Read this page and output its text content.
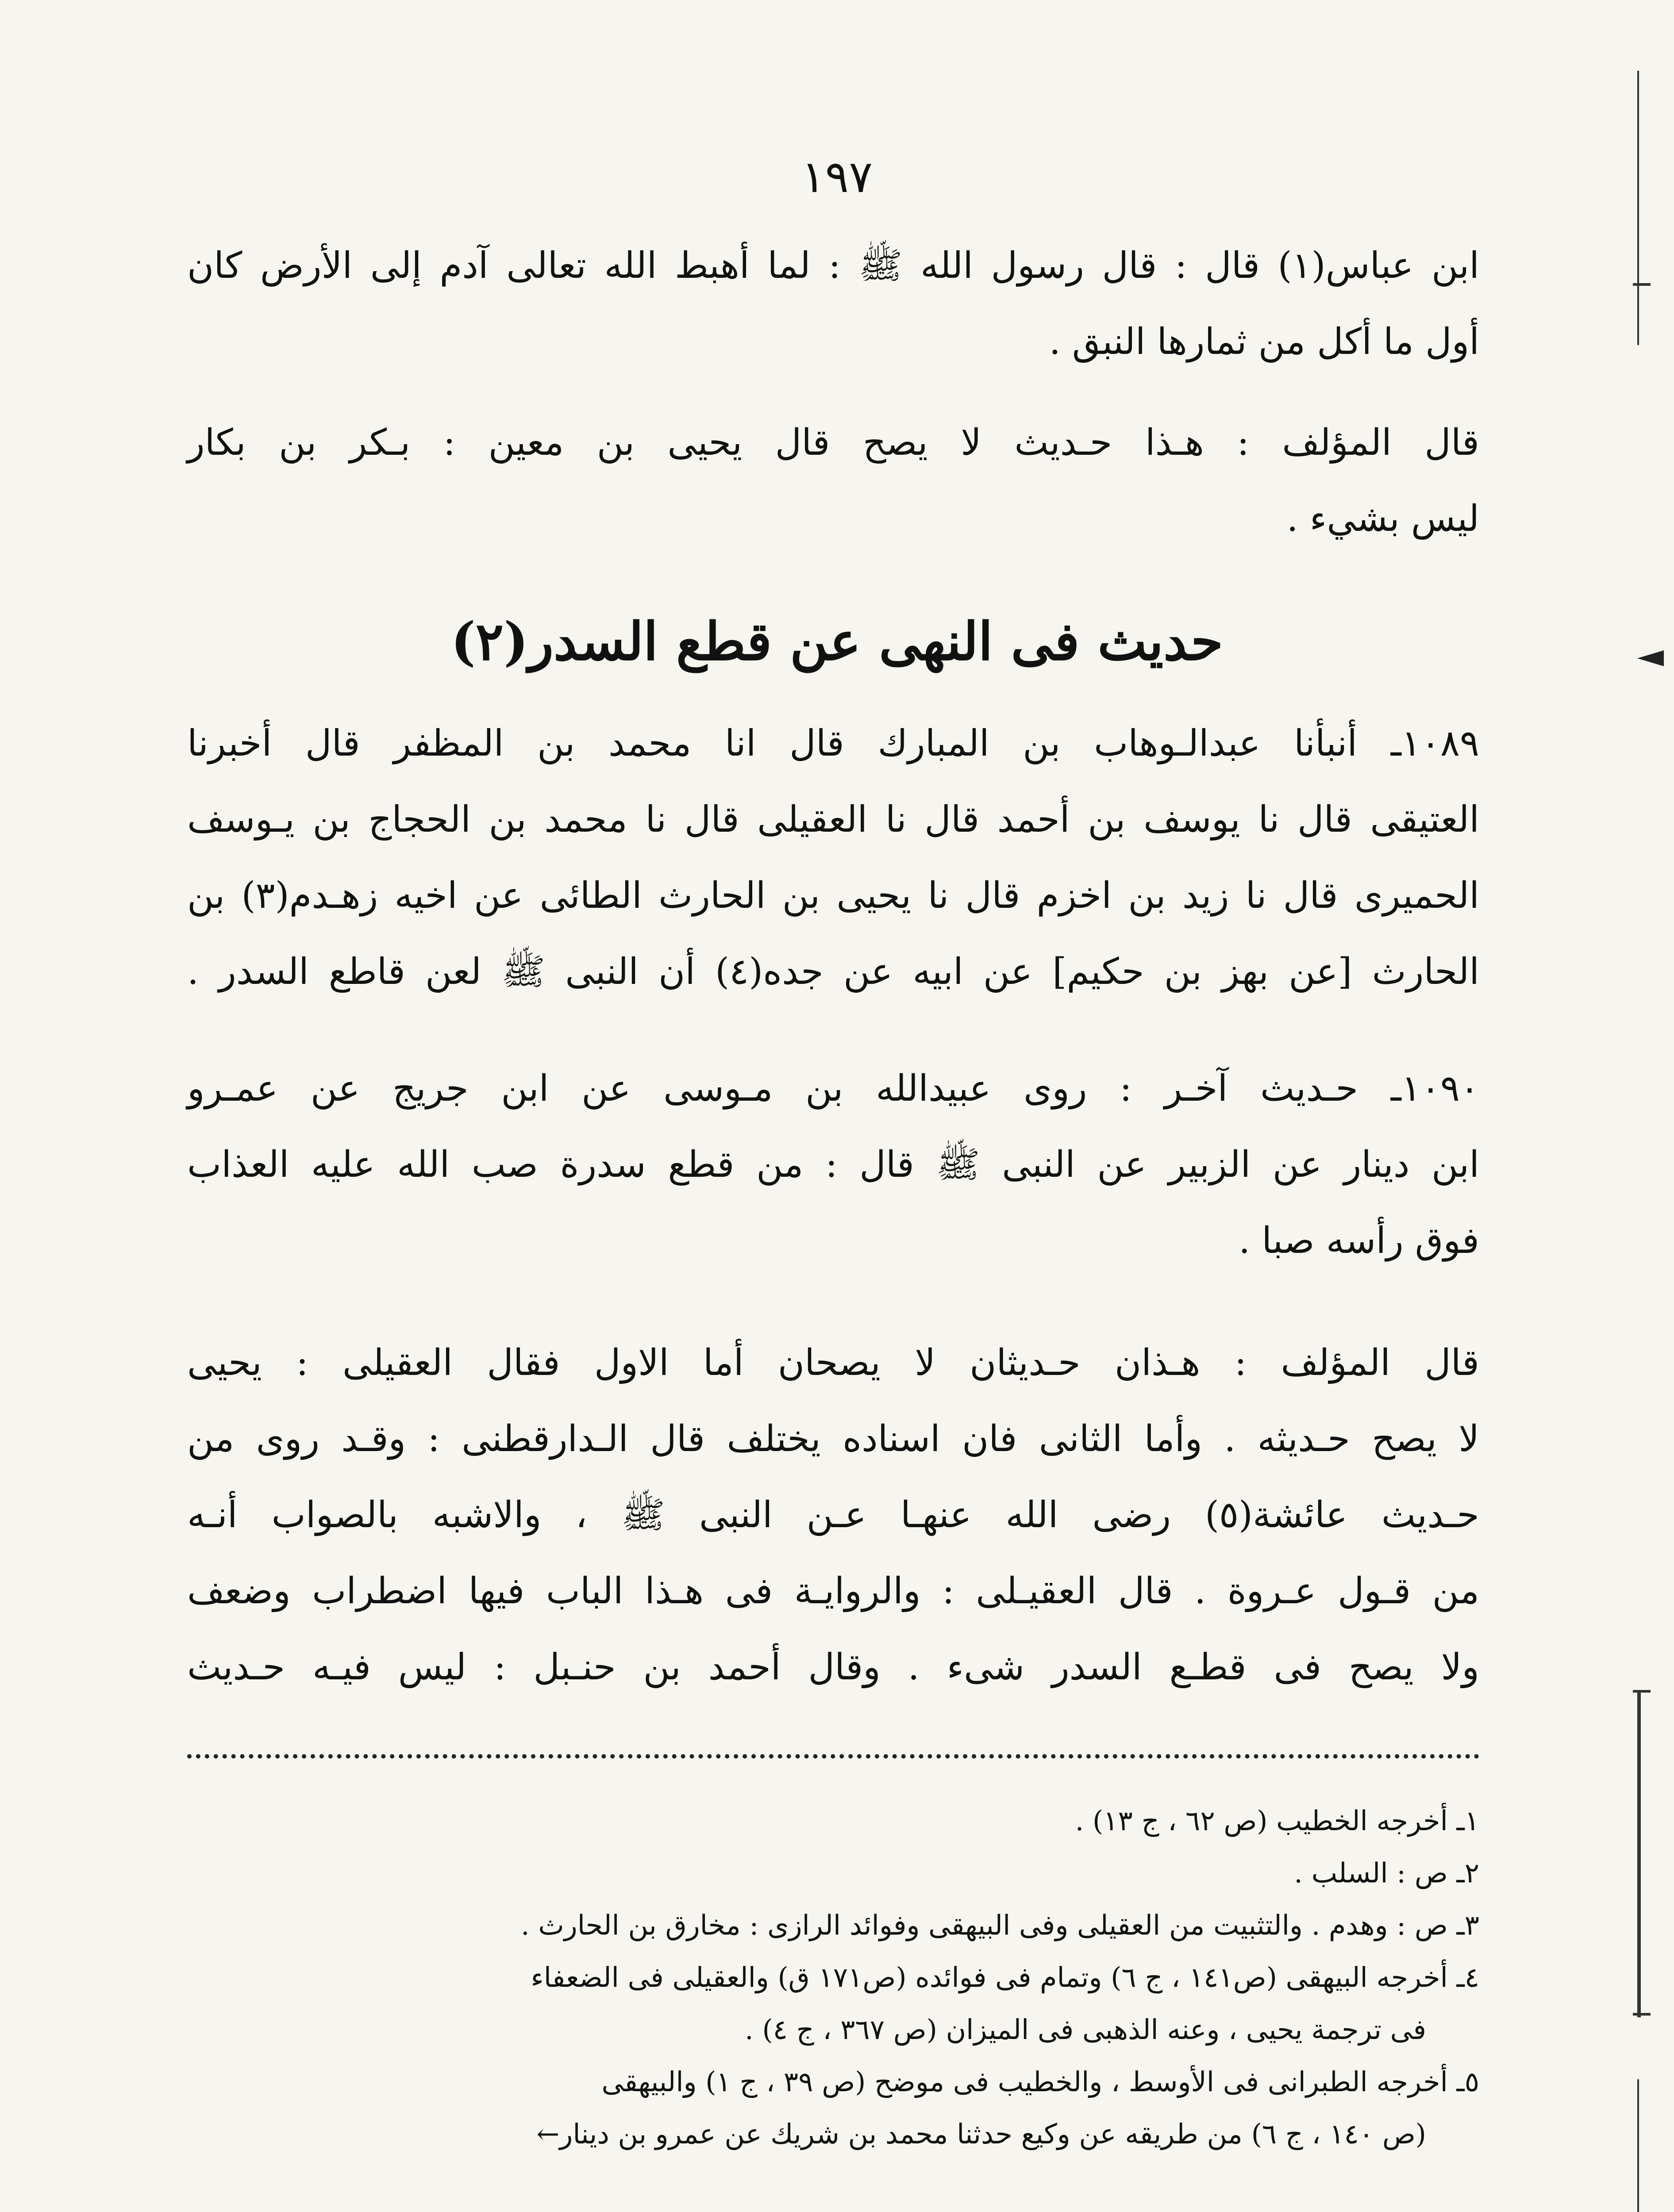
١٩٧
ابن عباس(١) قال : قال رسول الله ﷺ : لما أهبط الله تعالى آدم إلى الأرض كان
أول ما أكل من ثمارها النبق .
قال المؤلف : هـذا حـديث لا يصح قال يحيى بن معين : بـكر بن بكار
ليس بشيء .
حديث فى النهى عن قطع السدر(٢)
١٠٨٩ـ أنبأنا عبدالـوهاب بن المبارك قال انا محمد بن المظفر قال أخبرنا
العتيقى قال نا يوسف بن أحمد قال نا العقيلى قال نا محمد بن الحجاج بن يـوسف
الحميرى قال نا زيد بن اخزم قال نا يحيى بن الحارث الطائى عن اخيه زهـدم(٣) بن
الحارث [عن بهز بن حكيم] عن ابيه عن جده(٤) أن النبى ﷺ لعن قاطع السدر .
١٠٩٠ـ حـديث آخـر : روى عبيدالله بن مـوسى عن ابن جريج عن عمـرو
ابن دينار عن الزبير عن النبى ﷺ قال : من قطع سدرة صب الله عليه العذاب
فوق رأسه صبا .
قال المؤلف : هـذان حـديثان لا يصحان أما الاول فقال العقيلى : يحيى
لا يصح حـديثه . وأما الثانى فان اسناده يختلف قال الـدارقطنى : وقـد روى من
حـديث عائشة(٥) رضى الله عنهـا عـن النبى ﷺ ، والاشبه بالصواب أنـه
من قـول عـروة . قال العقيـلى : والروايـة فى هـذا الباب فيها اضطراب وضعف
ولا يصح فى قطـع السدر شىء . وقال أحمد بن حنـبل : ليس فيـه حـديث
١ـ أخرجه الخطيب (ص ٦٢ ، ج ١٣) .
٢ـ ص : السلب .
٣ـ ص : وهدم . والتثبيت من العقيلى وفى البيهقى وفوائد الرازى : مخارق بن الحارث .
٤ـ أخرجه البيهقى (ص١٤١ ، ج ٦) وتمام فى فوائده (ص١٧١ ق) والعقيلى فى الضعفاء
فى ترجمة يحيى ، وعنه الذهبى فى الميزان (ص ٣٦٧ ، ج ٤) .
٥ـ أخرجه الطبرانى فى الأوسط ، والخطيب فى موضح (ص ٣٩ ، ج ١) والبيهقى
(ص ١٤٠ ، ج ٦) من طريقه عن وكيع حدثنا محمد بن شريك عن عمرو بن دينار←
